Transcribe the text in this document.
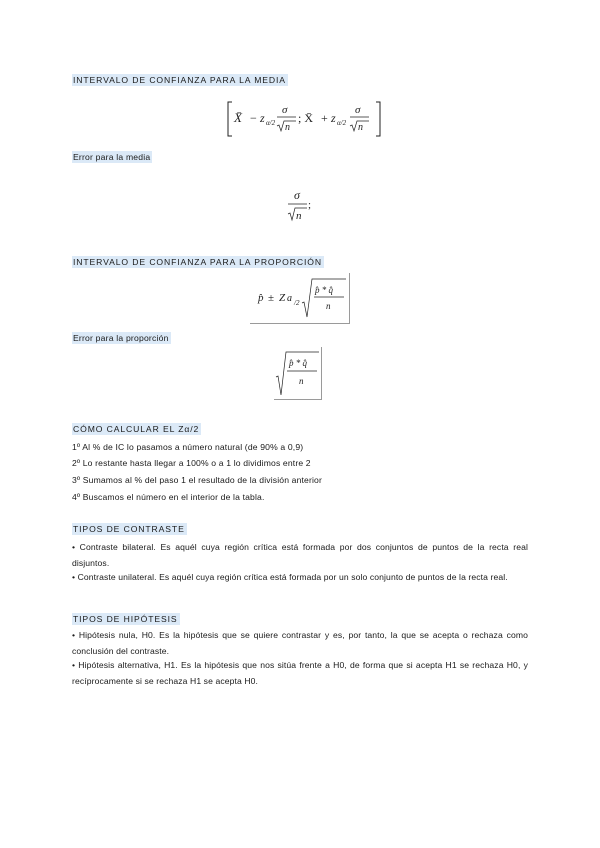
INTERVALO DE CONFIANZA PARA LA MEDIA
X̄ − z α/2
σ
n
; X̄ + z α/2
σ
n
Error para la media
σ
n
;
INTERVALO DE CONFIANZA PARA LA PROPORCIÓN
p̂ ± Z a /2
p̂ * q̂
n
Error para la proporción
p̂ * q̂
n
CÓMO CALCULAR EL Zα/2
1º Al % de IC lo pasamos a número natural (de 90% a 0,9)
2º Lo restante hasta llegar a 100% o a 1 lo dividimos entre 2
3º Sumamos al % del paso 1 el resultado de la división anterior
4º Buscamos el número en el interior de la tabla.
TIPOS DE CONTRASTE
• Contraste bilateral. Es aquél cuya región crítica está formada por dos conjuntos de puntos de la recta real disjuntos.
• Contraste unilateral. Es aquél cuya región crítica está formada por un solo conjunto de puntos de la recta real.
TIPOS DE HIPÓTESIS
• Hipótesis nula, H0. Es la hipótesis que se quiere contrastar y es, por tanto, la que se acepta o rechaza como conclusión del contraste.
• Hipótesis alternativa, H1. Es la hipótesis que nos sitúa frente a H0, de forma que si acepta H1 se rechaza H0, y recíprocamente si se rechaza H1 se acepta H0.
